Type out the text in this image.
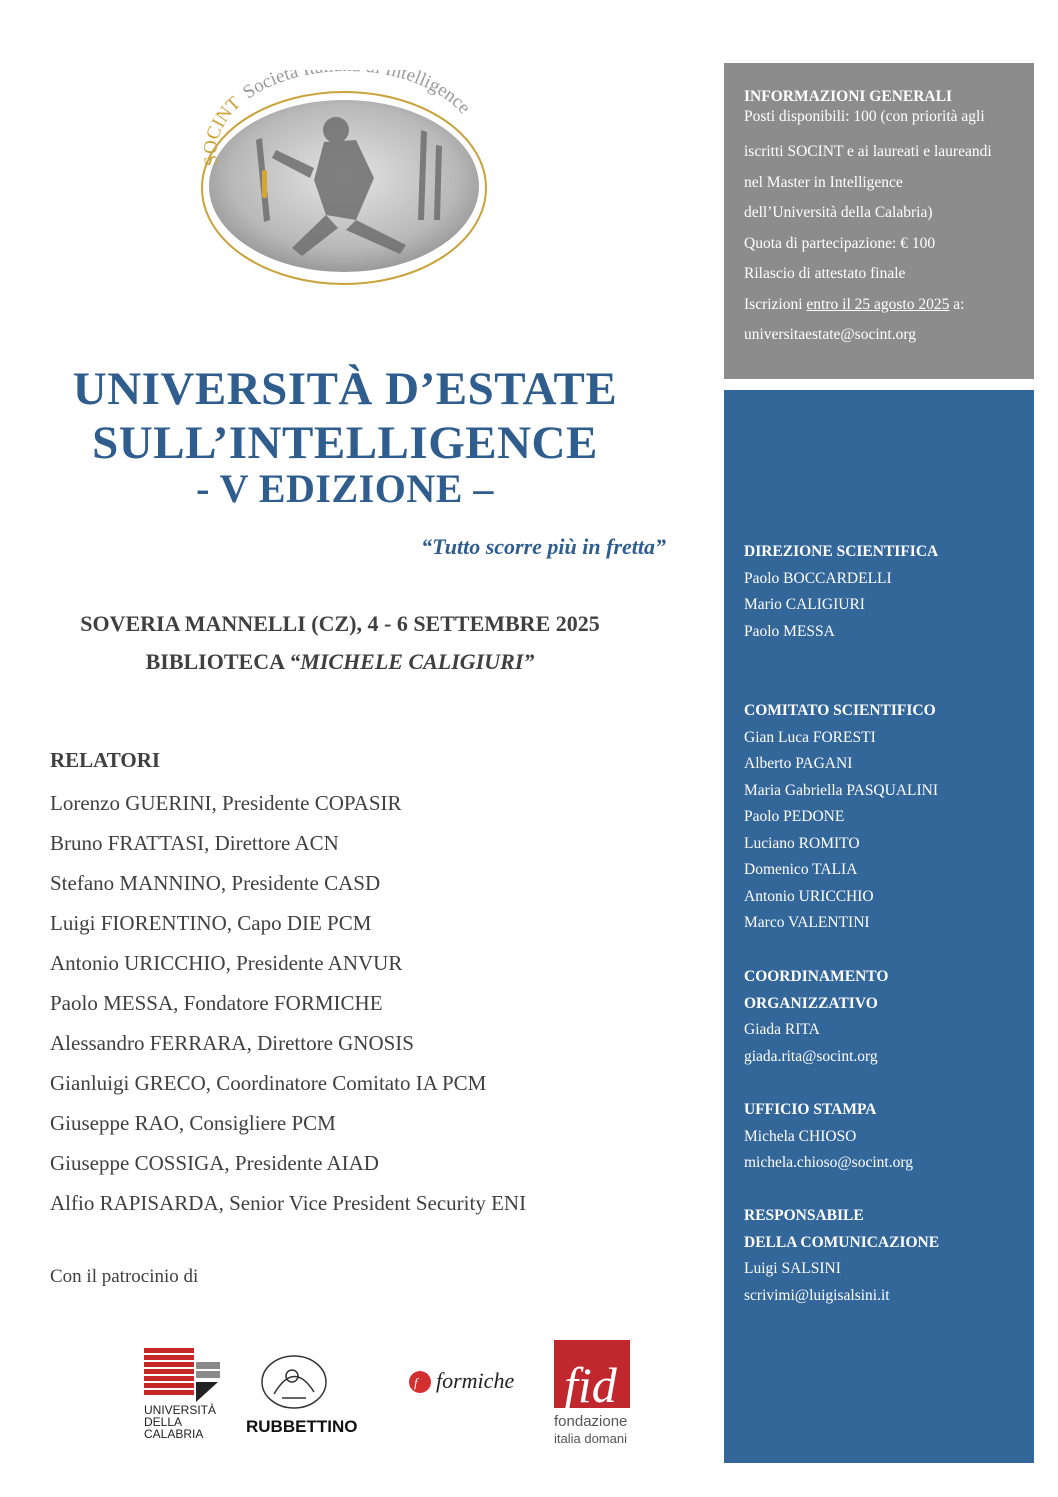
SOCINT Società ntelligence
UNIVERSITÀ D’ESTATE
SULL’INTELLIGENCE
- V EDIZIONE –
“Tutto scorre più in fretta”
SOVERIA MANNELLI (CZ), 4 - 6 SETTEMBRE 2025
BIBLIOTECA “MICHELE CALIGIURI”
RELATORI
Lorenzo GUERINI, Presidente COPASIR
Bruno FRATTASI, Direttore ACN
Stefano MANNINO, Presidente CASD
Luigi FIORENTINO, Capo DIE PCM
Antonio URICCHIO, Presidente ANVUR
Paolo MESSA, Fondatore FORMICHE
Alessandro FERRARA, Direttore GNOSIS
Gianluigi GRECO, Coordinatore Comitato IA PCM
Giuseppe RAO, Consigliere PCM
Giuseppe COSSIGA, Presidente AIAD
Alfio RAPISARDA, Senior Vice President Security ENI
Con il patrocinio di
UNIVERSITÀ
DELLA
CALABRIA	RUBBETTINO
f formiche fid
fondazione
italia domani
INFORMAZIONI GENERALI
Posti disponibili: 100 (con priorità agli
iscritti SOCINT e ai laureati e laureandi
nel Master in Intelligence
dell’Università della Calabria)
Quota di partecipazione: € 100
Rilascio di attestato finale
Iscrizioni entro il 25 agosto 2025 a:
universitaestate@socint.org
DIREZIONE SCIENTIFICA
Paolo BOCCARDELLI
Mario CALIGIURI
Paolo MESSA
COMITATO SCIENTIFICO
Gian Luca FORESTI
Alberto PAGANI
Maria Gabriella PASQUALINI
Paolo PEDONE
Luciano ROMITO
Domenico TALIA
Antonio URICCHIO
Marco VALENTINI
COORDINAMENTO
ORGANIZZATIVO
Giada RITA
giada.rita@socint.org
UFFICIO STAMPA
Michela CHIOSO
michela.chioso@socint.org
RESPONSABILE
DELLA COMUNICAZIONE
Luigi SALSINI
scrivimi@luigisalsini.it
